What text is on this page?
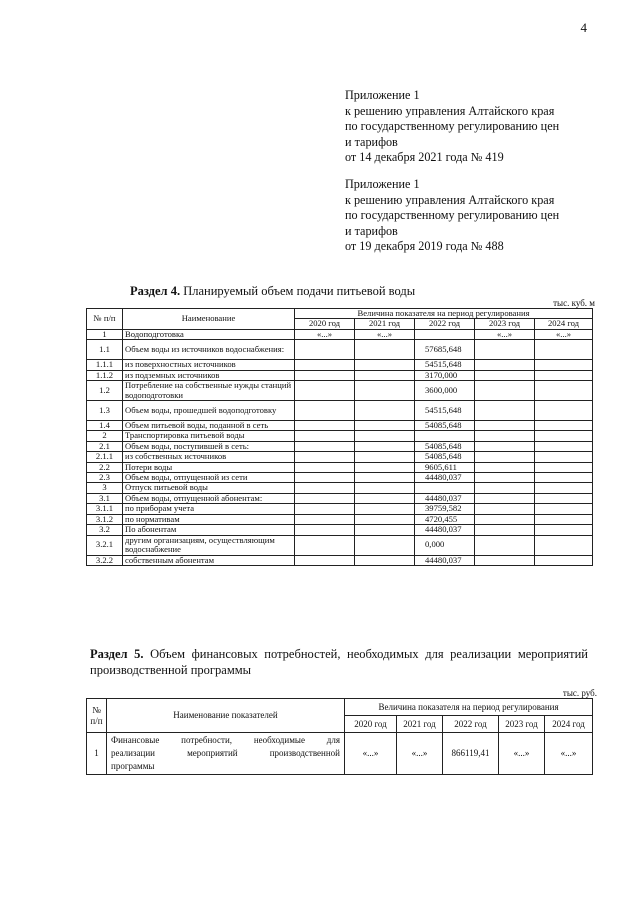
4
Приложение 1
к решению управления Алтайского края
по государственному регулированию цен
и тарифов
от 14 декабря 2021 года № 419
Приложение 1
к решению управления Алтайского края
по государственному регулированию цен
и тарифов
от 19 декабря 2019 года № 488
Раздел 4. Планируемый объем подачи питьевой воды
тыс. куб. м
№ п/п	Наименование	Величина показателя на период регулирования				
		2020 год	2021 год	2022 год	2023 год	2024 год
1	Водоподготовка	«...»	«...»		«...»	«...»
1.1	Объем воды из источников водоснабжения:			57685,648		
1.1.1	из поверхностных источников			54515,648		
1.1.2	из подземных источников			3170,000		
1.2	Потребление на собственные нужды станций водоподготовки			3600,000		
1.3	Объем воды, прошедшей водоподготовку			54515,648		
1.4	Объем питьевой воды, поданной в сеть			54085,648		
2	Транспортировка питьевой воды					
2.1	Объем воды, поступившей в сеть:			54085,648		
2.1.1	из собственных источников			54085,648		
2.2	Потери воды			9605,611		
2.3	Объем воды, отпущенной из сети			44480,037		
3	Отпуск питьевой воды					
3.1	Объем воды, отпущенной абонентам:			44480,037		
3.1.1	по приборам учета			39759,582		
3.1.2	по нормативам			4720,455		
3.2	По абонентам			44480,037		
3.2.1	другим организациям, осуществляющим водоснабжение			0,000		
3.2.2	собственным абонентам			44480,037		
Раздел 5. Объем финансовых потребностей, необходимых для реализации мероприятий производственной программы
тыс. руб.
№ п/п	Наименование показателей	Величина показателя на период регулирования				
		2020 год	2021 год	2022 год	2023 год	2024 год
1	Финансовые потребности, необходимые для
реализации мероприятий производственной
программы	«...»	«...»	866119,41	«...»	«...»
